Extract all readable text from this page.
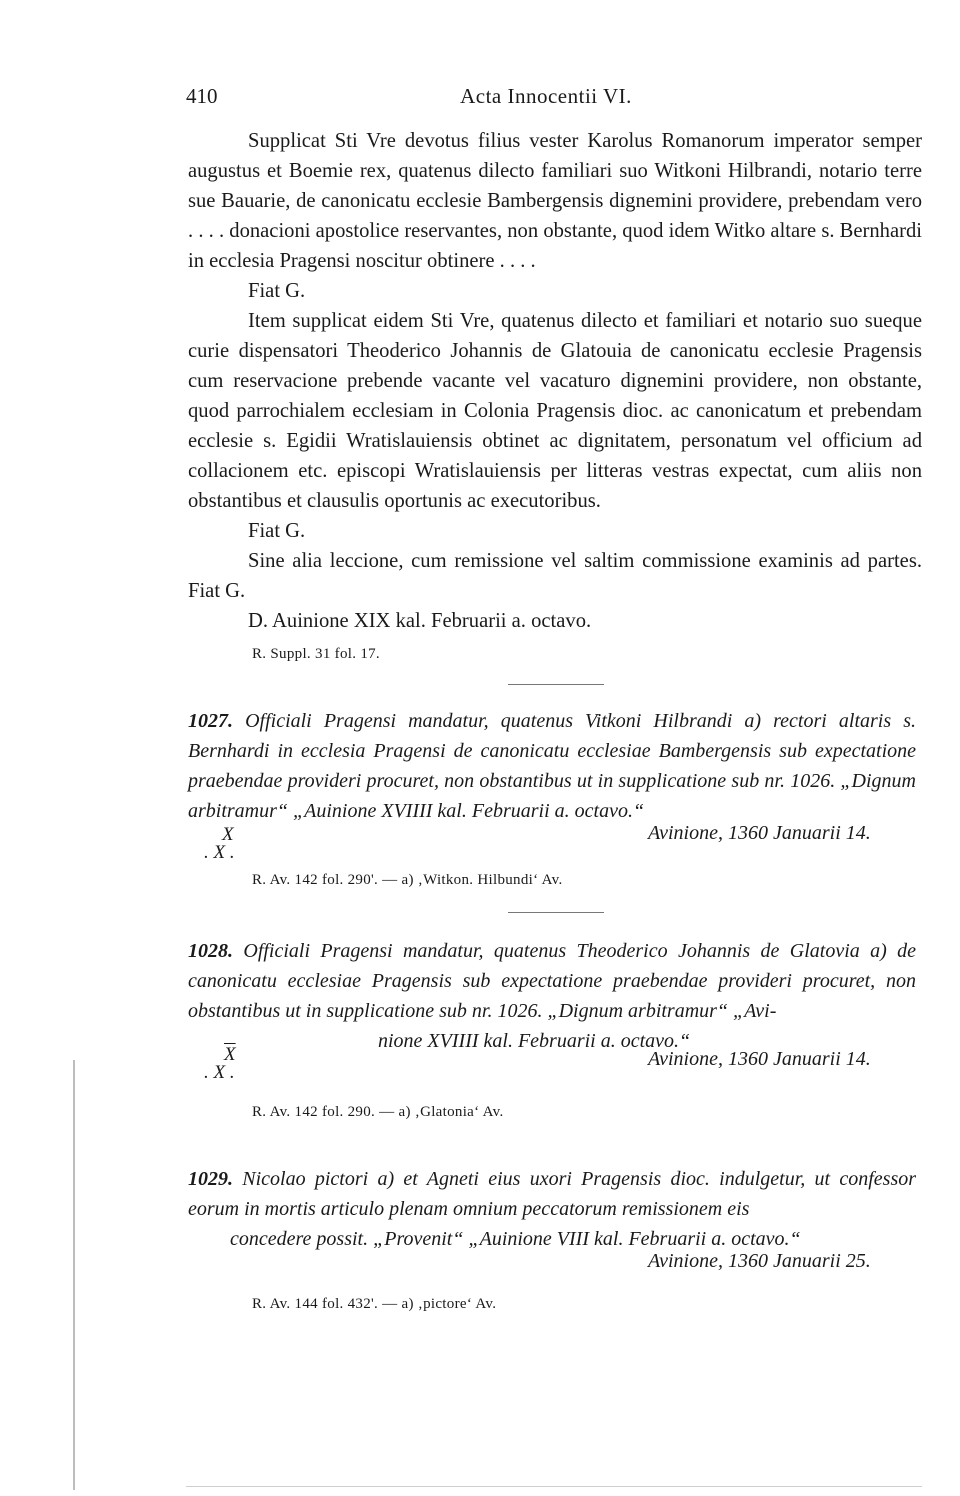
410	Acta Innocentii VI.

Supplicat Sti Vre devotus filius vester Karolus Romanorum imperator semper augustus et Boemie rex, quatenus dilecto familiari suo Witkoni Hilbrandi, notario terre sue Bauarie, de canonicatu ecclesie Bambergensis dignemini providere, prebendam vero . . . . donacioni apostolice reservantes, non obstante, quod idem Witko altare s. Bernhardi in ecclesia Pragensi noscitur obtinere . . . .

Fiat G.

Item supplicat eidem Sti Vre, quatenus dilecto et familiari et notario suo sueque curie dispensatori Theoderico Johannis de Glatouia de canonicatu ecclesie Pragensis cum reservacione prebende vacante vel vacaturo dignemini providere, non obstante, quod parrochialem ecclesiam in Colonia Pragensis dioc. ac canonicatum et prebendam ecclesie s. Egidii Wratislauiensis obtinet ac dignitatem, personatum vel officium ad collacionem etc. episcopi Wratislauiensis per litteras vestras expectat, cum aliis non obstantibus et clausulis oportunis ac executoribus.

Fiat G.

Sine alia leccione, cum remissione vel saltim commissione examinis ad partes. Fiat G.

D. Auinione XIX kal. Februarii a. octavo.

R. Suppl. 31 fol. 17.
1027. Officiali Pragensi mandatur, quatenus Vitkoni Hilbrandi a) rectori altaris s. Bernhardi in ecclesia Pragensi de canonicatu ecclesiae Bambergensis sub expectatione praebendae provideri procuret, non obstantibus ut in supplicatione sub nr. 1026. „Dignum arbitramur“ „Auinione XVIIII kal. Februarii a. octavo.“
X
. X .
Avinione, 1360 Januarii 14.
R. Av. 142 fol. 290'. — a) ‚Witkon. Hilbundi‘ Av.
1028. Officiali Pragensi mandatur, quatenus Theoderico Johannis de Glatovia a) de canonicatu ecclesiae Pragensis sub expectatione praebendae provideri procuret, non obstantibus ut in supplicatione sub nr. 1026. „Dignum arbitramur“ „Avi-
nione XVIIII kal. Februarii a. octavo.“
$\overline{X}$
. X .
Avinione, 1360 Januarii 14.
R. Av. 142 fol. 290. — a) ‚Glatonia‘ Av.
1029. Nicolao pictori a) et Agneti eius uxori Pragensis dioc. indulgetur, ut confessor eorum in mortis articulo plenam omnium peccatorum remissionem eis
concedere possit. „Provenit“ „Auinione VIII kal. Februarii a. octavo.“
Avinione, 1360 Januarii 25.
R. Av. 144 fol. 432'. — a) ‚pictore‘ Av.
